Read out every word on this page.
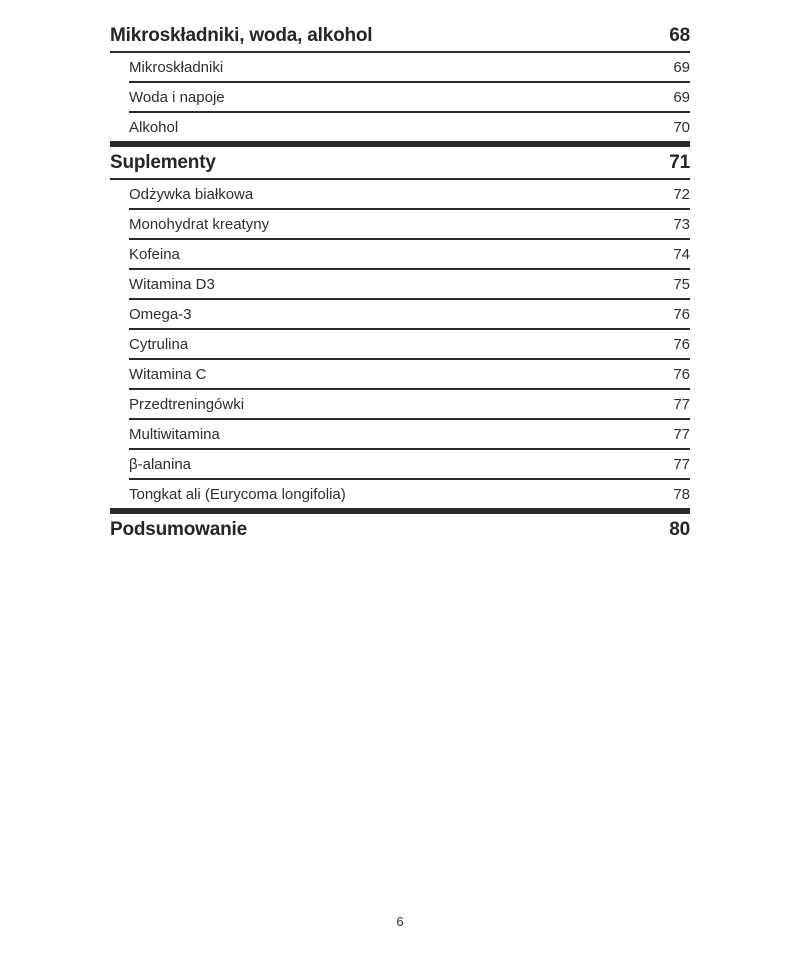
Mikroskładniki, woda, alkohol	68
Mikroskładniki	69
Woda i napoje	69
Alkohol	70
Suplementy	71
Odżywka białkowa	72
Monohydrat kreatyny	73
Kofeina	74
Witamina D3	75
Omega-3	76
Cytrulina	76
Witamina C	76
Przedtreningówki	77
Multiwitamina	77
β-alanina	77
Tongkat ali (Eurycoma longifolia)	78
Podsumowanie	80
6
